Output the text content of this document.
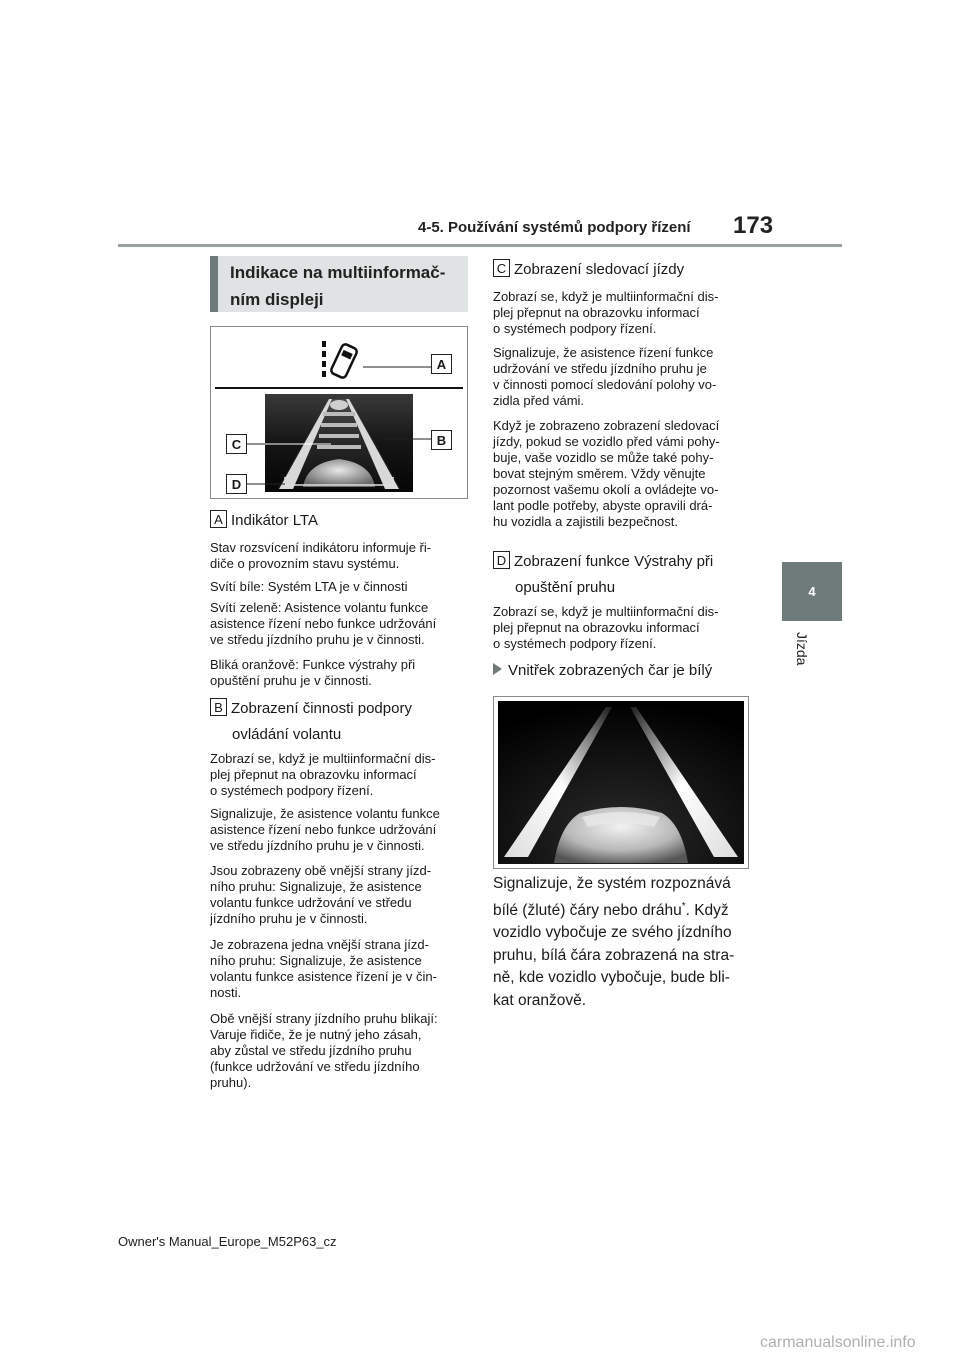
4-5. Používání systémů podpory řízení 173
4
Jízda
Indikace na multiinformač-
ním displeji
A
B
C
D
A Indikátor LTA
Stav rozsvícení indikátoru informuje ři-
diče o provozním stavu systému.
Svítí bíle: Systém LTA je v činnosti
Svítí zeleně: Asistence volantu funkce
asistence řízení nebo funkce udržování
ve středu jízdního pruhu je v činnosti.
Bliká oranžově: Funkce výstrahy při
opuštění pruhu je v činnosti.
B Zobrazení činnosti podpory
ovládání volantu
Zobrazí se, když je multiinformační dis-
plej přepnut na obrazovku informací
o systémech podpory řízení.
Signalizuje, že asistence volantu funkce
asistence řízení nebo funkce udržování
ve středu jízdního pruhu je v činnosti.
Jsou zobrazeny obě vnější strany jízd-
ního pruhu: Signalizuje, že asistence
volantu funkce udržování ve středu
jízdního pruhu je v činnosti.
Je zobrazena jedna vnější strana jízd-
ního pruhu: Signalizuje, že asistence
volantu funkce asistence řízení je v čin-
nosti.
Obě vnější strany jízdního pruhu blikají:
Varuje řidiče, že je nutný jeho zásah,
aby zůstal ve středu jízdního pruhu
(funkce udržování ve středu jízdního
pruhu).
C Zobrazení sledovací jízdy
Zobrazí se, když je multiinformační dis-
plej přepnut na obrazovku informací
o systémech podpory řízení.
Signalizuje, že asistence řízení funkce
udržování ve středu jízdního pruhu je
v činnosti pomocí sledování polohy vo-
zidla před vámi.
Když je zobrazeno zobrazení sledovací
jízdy, pokud se vozidlo před vámi pohy-
buje, vaše vozidlo se může také pohy-
bovat stejným směrem. Vždy věnujte
pozornost vašemu okolí a ovládejte vo-
lant podle potřeby, abyste opravili drá-
hu vozidla a zajistili bezpečnost.
D Zobrazení funkce Výstrahy při
opuštění pruhu
Zobrazí se, když je multiinformační dis-
plej přepnut na obrazovku informací
o systémech podpory řízení.
Vnitřek zobrazených čar je bílý
Signalizuje, že systém rozpoznává
bílé (žluté) čáry nebo dráhu*. Když
vozidlo vybočuje ze svého jízdního
pruhu, bílá čára zobrazená na stra-
ně, kde vozidlo vybočuje, bude bli-
kat oranžově.
Owner's Manual_Europe_M52P63_cz
carmanualsonline.info
